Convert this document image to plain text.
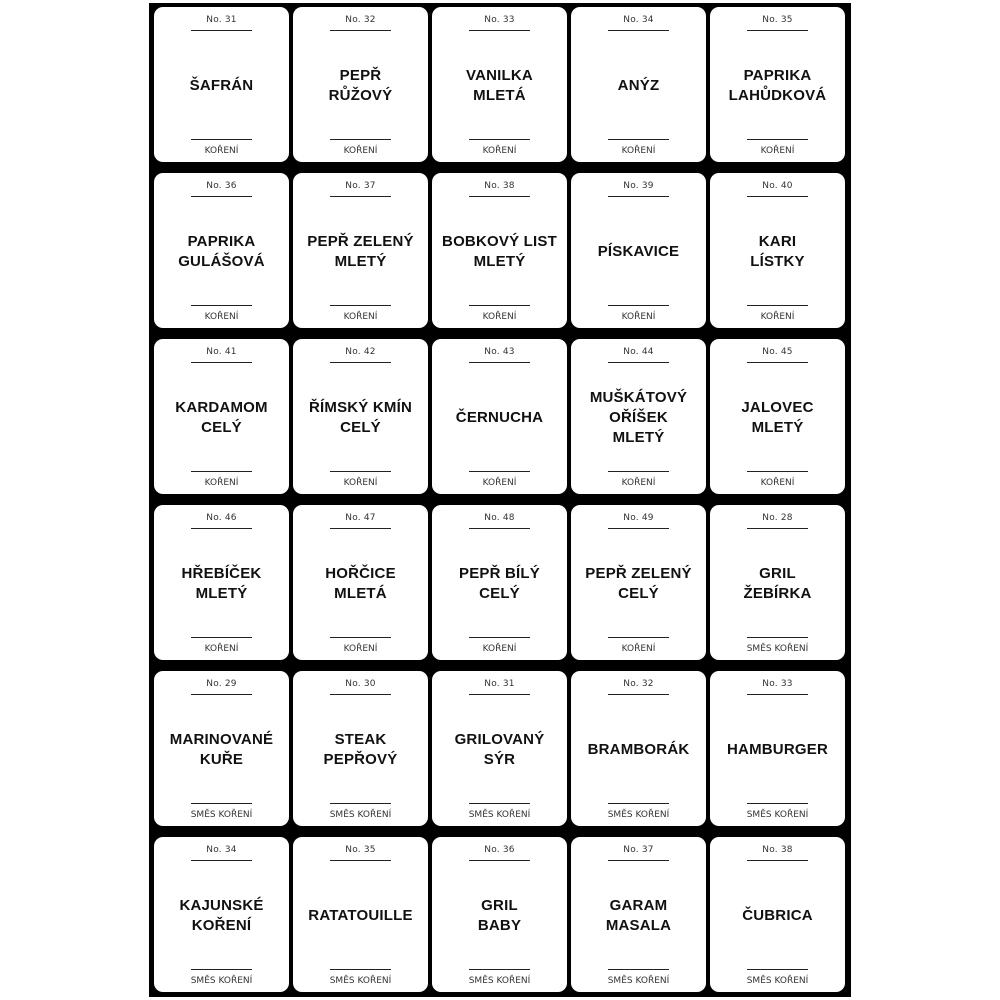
No. 31
ŠAFRÁN
KOŘENÍ
No. 32
PEPŘ
RŮŽOVÝ
KOŘENÍ
No. 33
VANILKA
MLETÁ
KOŘENÍ
No. 34
ANÝZ
KOŘENÍ
No. 35
PAPRIKA
LAHŮDKOVÁ
KOŘENÍ
No. 36
PAPRIKA
GULÁŠOVÁ
KOŘENÍ
No. 37
PEPŘ ZELENÝ
MLETÝ
KOŘENÍ
No. 38
BOBKOVÝ LIST
MLETÝ
KOŘENÍ
No. 39
PÍSKAVICE
KOŘENÍ
No. 40
KARI
LÍSTKY
KOŘENÍ
No. 41
KARDAMOM
CELÝ
KOŘENÍ
No. 42
ŘÍMSKÝ KMÍN
CELÝ
KOŘENÍ
No. 43
ČERNUCHA
KOŘENÍ
No. 44
MUŠKÁTOVÝ
OŘÍŠEK
MLETÝ
KOŘENÍ
No. 45
JALOVEC
MLETÝ
KOŘENÍ
No. 46
HŘEBÍČEK
MLETÝ
KOŘENÍ
No. 47
HOŘČICE
MLETÁ
KOŘENÍ
No. 48
PEPŘ BÍLÝ
CELÝ
KOŘENÍ
No. 49
PEPŘ ZELENÝ
CELÝ
KOŘENÍ
No. 28
GRIL
ŽEBÍRKA
SMĚS KOŘENÍ
No. 29
MARINOVANÉ
KUŘE
SMĚS KOŘENÍ
No. 30
STEAK
PEPŘOVÝ
SMĚS KOŘENÍ
No. 31
GRILOVANÝ
SÝR
SMĚS KOŘENÍ
No. 32
BRAMBORÁK
SMĚS KOŘENÍ
No. 33
HAMBURGER
SMĚS KOŘENÍ
No. 34
KAJUNSKÉ
KOŘENÍ
SMĚS KOŘENÍ
No. 35
RATATOUILLE
SMĚS KOŘENÍ
No. 36
GRIL
BABY
SMĚS KOŘENÍ
No. 37
GARAM
MASALA
SMĚS KOŘENÍ
No. 38
ČUBRICA
SMĚS KOŘENÍ
